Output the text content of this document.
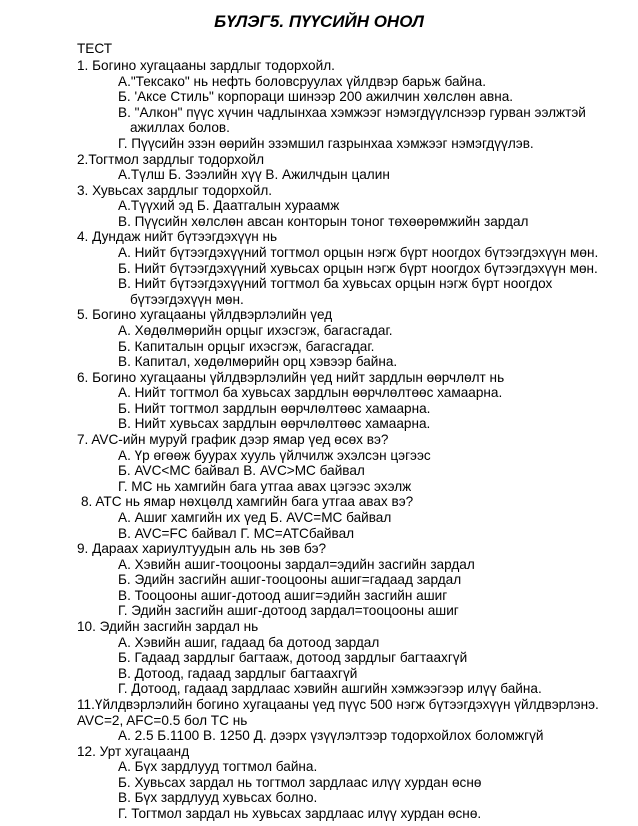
БҮЛЭГ5. ПҮҮСИЙН ОНОЛ
ТЕСТ
1. Богино хугацааны зардлыг тодорхойл.
А."Тексако" нь нефть боловсруулах үйлдвэр барьж байна.
Б. 'Аксе Стиль" корпораци шинээр 200 ажилчин хөлслөн авна.
В. "Алкон" пүүс хүчин чадлынхаа хэмжээг нэмэгдүүлснээр гурван ээлжтэй
ажиллах болов.
Г. Пүүсийн эзэн өөрийн эзэмшил газрынхаа хэмжээг нэмэгдүүлэв.
2.Тогтмол зардлыг тодорхойл
А.Түлш Б. Зээлийн хүү В. Ажилчдын цалин
3. Хувьсах зардлыг тодорхойл.
А.Түүхий эд Б. Даатгалын хураамж
В. Пүүсийн хөлслөн авсан конторын тоног төхөөрөмжийн зардал
4. Дундаж нийт бүтээгдэхүүн нь
А. Нийт бүтээгдэхүүний тогтмол орцын нэгж бүрт ноогдох бүтээгдэхүүн мөн.
Б. Нийт бүтээгдэхүүний хувьсах орцын нэгж бүрт ноогдох бүтээгдэхүүн мөн.
В. Нийт бүтээгдэхүүний тогтмол ба хувьсах орцын нэгж бүрт ноогдох
бүтээгдэхүүн мөн.
5. Богино хугацааны үйлдвэрлэлийн үед
А. Хөдөлмөрийн орцыг ихэсгэж, багасгадаг.
Б. Капиталын орцыг ихэсгэж, багасгадаг.
В. Капитал, хөдөлмөрийн орц хэвээр байна.
6. Богино хугацааны үйлдвэрлэлийн үед нийт зардлын өөрчлөлт нь
А. Нийт тогтмол ба хувьсах зардлын өөрчлөлтөөс хамаарна.
Б. Нийт тогтмол зардлын өөрчлөлтөөс хамаарна.
В. Нийт хувьсах зардлын өөрчлөлтөөс хамаарна.
7. AVC-ийн муруй график дээр ямар үед өсөх вэ?
А. Үр өгөөж буурах хууль үйлчилж эхэлсэн цэгээс
Б. AVC<MC байвал В. AVC>MC байвал
Г. MC нь хамгийн бага утгаа авах цэгээс эхэлж
8. ATC нь ямар нөхцөлд хамгийн бага утгаа авах вэ?
А. Ашиг хамгийн их үед Б. AVC=MC байвал
В. AVC=FC байвал Г. MC=ATCбайвал
9. Дараах хариултуудын аль нь зөв бэ?
А. Хэвийн ашиг-тооцооны зардал=эдийн засгийн зардал
Б. Эдийн засгийн ашиг-тооцооны ашиг=гадаад зардал
В. Тооцооны ашиг-дотоод ашиг=эдийн засгийн ашиг
Г. Эдийн засгийн ашиг-дотоод зардал=тооцооны ашиг
10. Эдийн засгийн зардал нь
А. Хэвийн ашиг, гадаад ба дотоод зардал
Б. Гадаад зардлыг багтааж, дотоод зардлыг багтаахгүй
В. Дотоод, гадаад зардлыг багтаахгүй
Г. Дотоод, гадаад зардлаас хэвийн ашгийн хэмжээгээр илүү байна.
11.Үйлдвэрлэлийн богино хугацааны үед пүүс 500 нэгж бүтээгдэхүүн үйлдвэрлэнэ.
AVC=2, AFC=0.5 бол TC нь
А. 2.5 Б.1100 В. 1250 Д. дээрх үзүүлэлтээр тодорхойлох боломжгүй
12. Урт хугацаанд
А. Бүх зардлууд тогтмол байна.
Б. Хувьсах зардал нь тогтмол зардлаас илүү хурдан өснө
В. Бүх зардлууд хувьсах болно.
Г. Тогтмол зардал нь хувьсах зардлаас илүү хурдан өснө.
